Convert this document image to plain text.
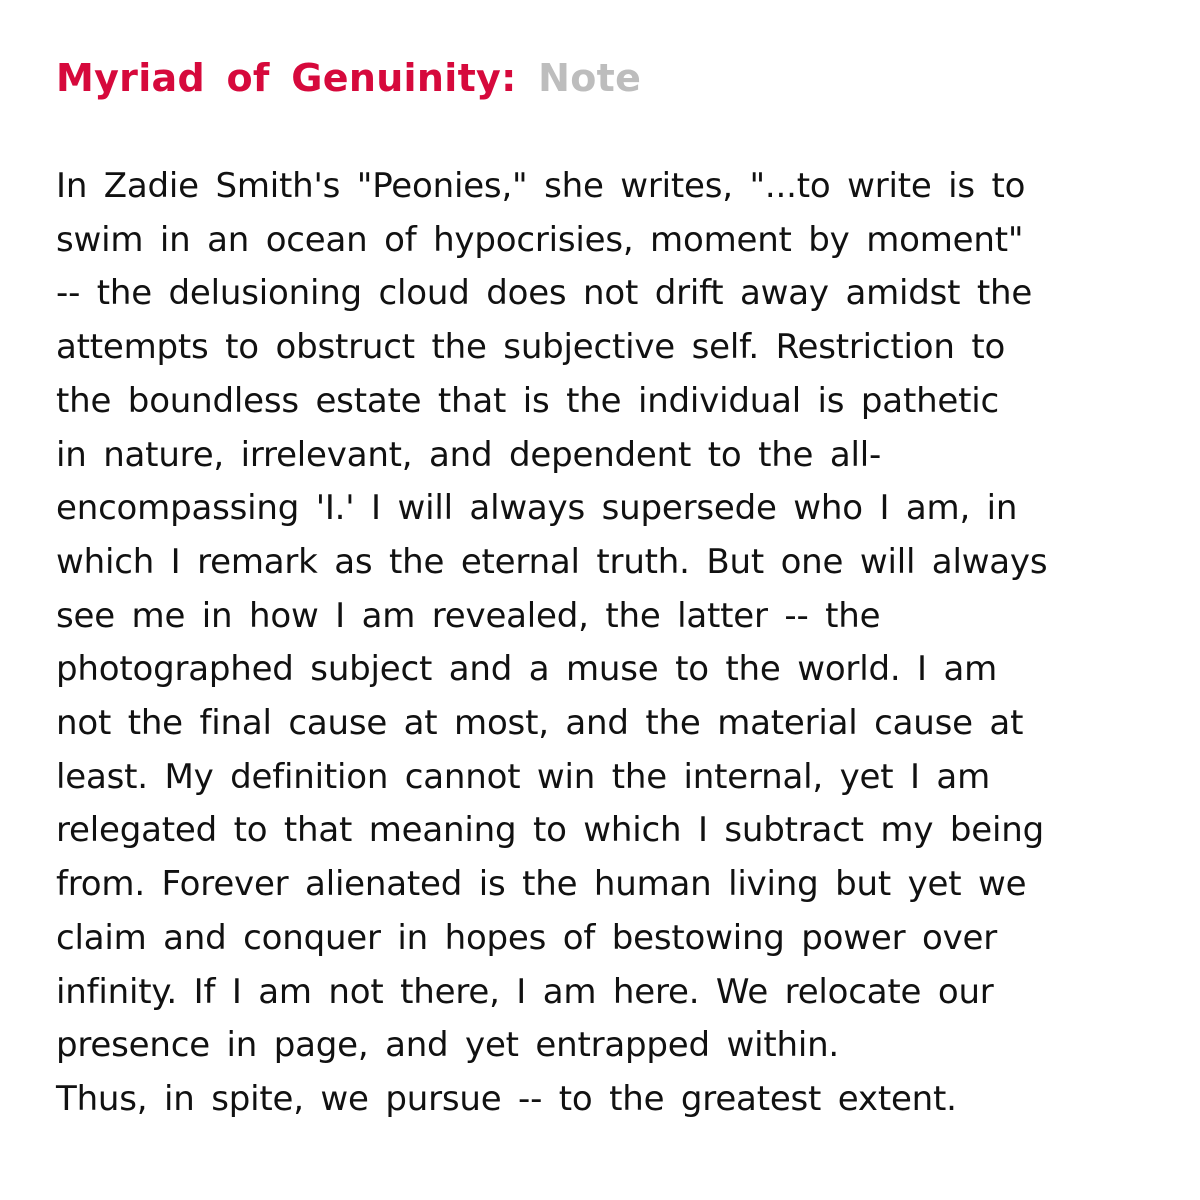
Myriad of Genuinity: Note
In Zadie Smith's "Peonies," she writes, "...to write is to
swim in an ocean of hypocrisies, moment by moment"
-- the delusioning cloud does not drift away amidst the
attempts to obstruct the subjective self. Restriction to
the boundless estate that is the individual is pathetic
in nature, irrelevant, and dependent to the all-
encompassing 'I.' I will always supersede who I am, in
which I remark as the eternal truth. But one will always
see me in how I am revealed, the latter -- the
photographed subject and a muse to the world. I am
not the final cause at most, and the material cause at
least. My definition cannot win the internal, yet I am
relegated to that meaning to which I subtract my being
from. Forever alienated is the human living but yet we
claim and conquer in hopes of bestowing power over
infinity. If I am not there, I am here. We relocate our
presence in page, and yet entrapped within.
Thus, in spite, we pursue -- to the greatest extent.
